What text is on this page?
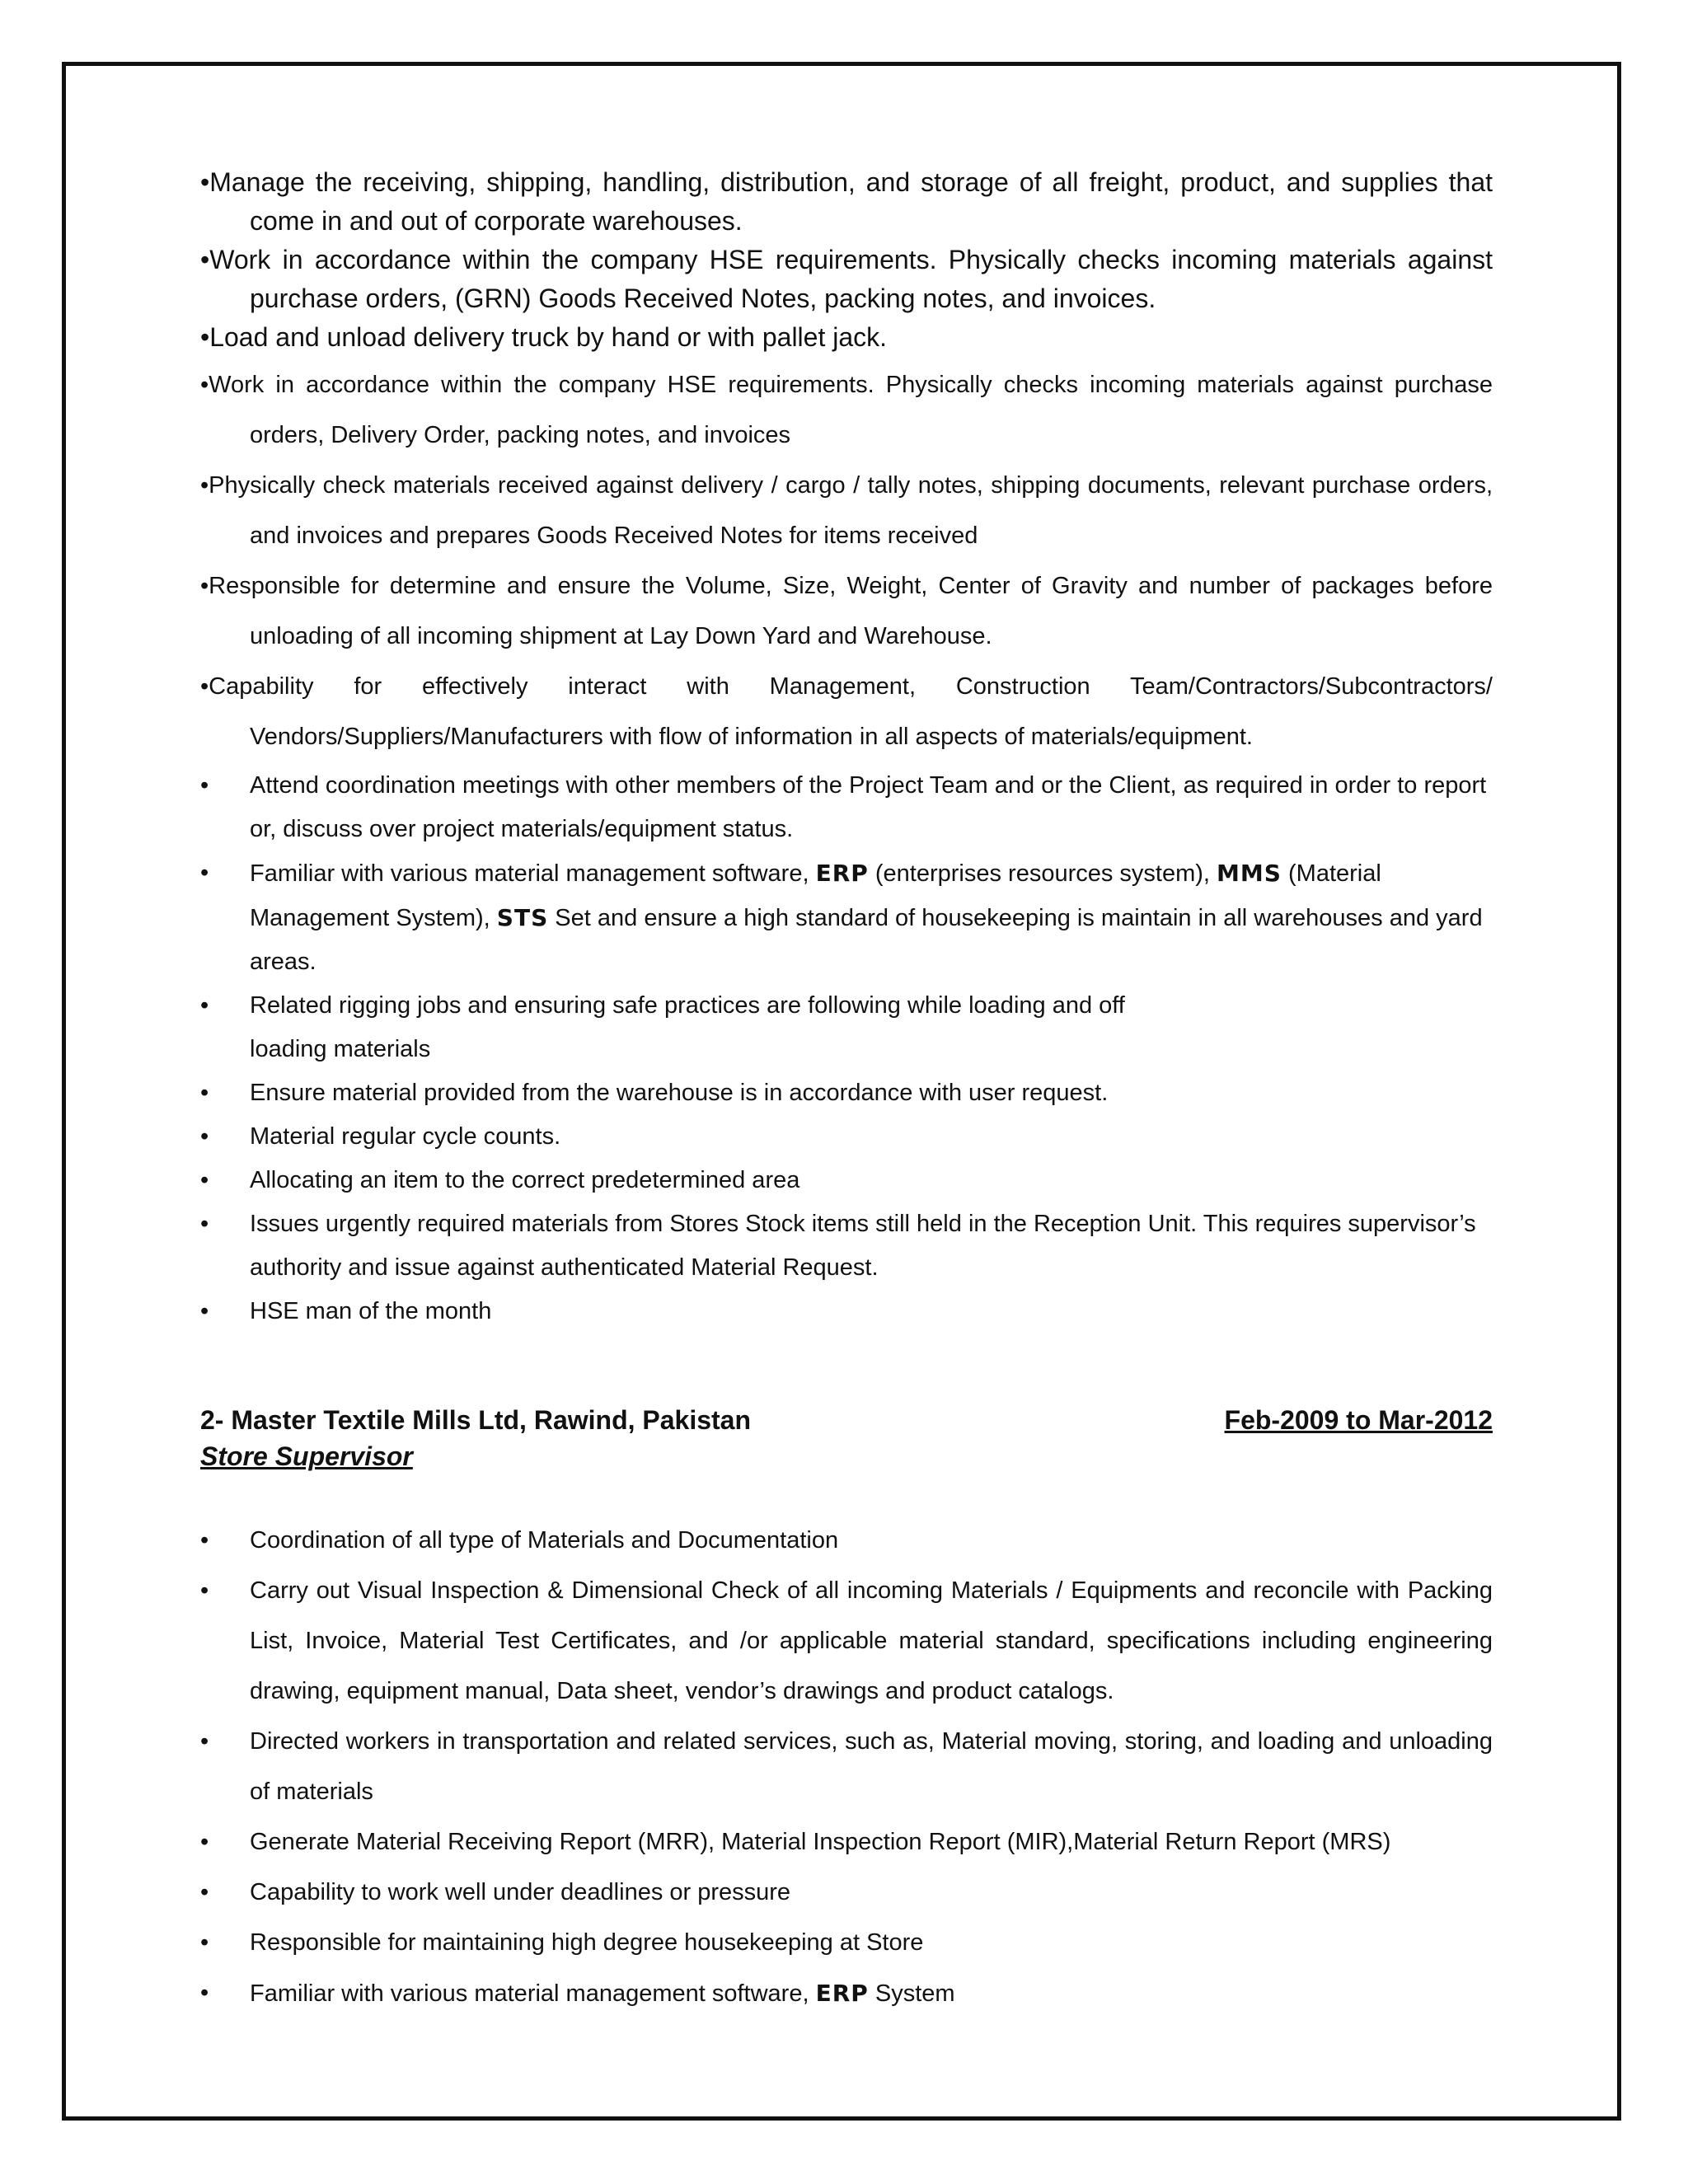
• Manage the receiving, shipping, handling, distribution, and storage of all freight, product, and supplies that come in and out of corporate warehouses.

• Work in accordance within the company HSE requirements. Physically checks incoming materials against purchase orders, (GRN) Goods Received Notes, packing notes, and invoices.

• Load and unload delivery truck by hand or with pallet jack.

• Work in accordance within the company HSE requirements. Physically checks incoming materials against purchase orders, Delivery Order, packing notes, and invoices

• Physically check materials received against delivery / cargo / tally notes, shipping documents, relevant purchase orders, and invoices and prepares Goods Received Notes for items received

• Responsible for determine and ensure the Volume, Size, Weight, Center of Gravity and number of packages before unloading of all incoming shipment at Lay Down Yard and Warehouse.

• Capability for effectively interact with Management, Construction Team/Contractors/Subcontractors/ Vendors/Suppliers/Manufacturers with flow of information in all aspects of materials/equipment.

Attend coordination meetings with other members of the Project Team and or the Client, as required in order to report or, discuss over project materials/equipment status.

Familiar with various material management software, ERP (enterprises resources system), MMS (Material Management System), STS Set and ensure a high standard of housekeeping is maintain in all warehouses and yard areas.

Related rigging jobs and ensuring safe practices are following while loading and off
loading materials

Ensure material provided from the warehouse is in accordance with user request.

Material regular cycle counts.

Allocating an item to the correct predetermined area

Issues urgently required materials from Stores Stock items still held in the Reception Unit. This requires supervisor’s authority and issue against authenticated Material Request.

HSE man of the month

2- Master Textile Mills Ltd, Rawind, Pakistan	Feb-2009 to Mar-2012

Store Supervisor

Coordination of all type of Materials and Documentation

Carry out Visual Inspection & Dimensional Check of all incoming Materials / Equipments and reconcile with Packing List, Invoice, Material Test Certificates, and /or applicable material standard, specifications including engineering drawing, equipment manual, Data sheet, vendor’s drawings and product catalogs.

Directed workers in transportation and related services, such as, Material moving, storing, and loading and unloading of materials

Generate Material Receiving Report (MRR), Material Inspection Report (MIR),Material Return Report (MRS)

Capability to work well under deadlines or pressure

Responsible for maintaining high degree housekeeping at Store

Familiar with various material management software, ERP System
